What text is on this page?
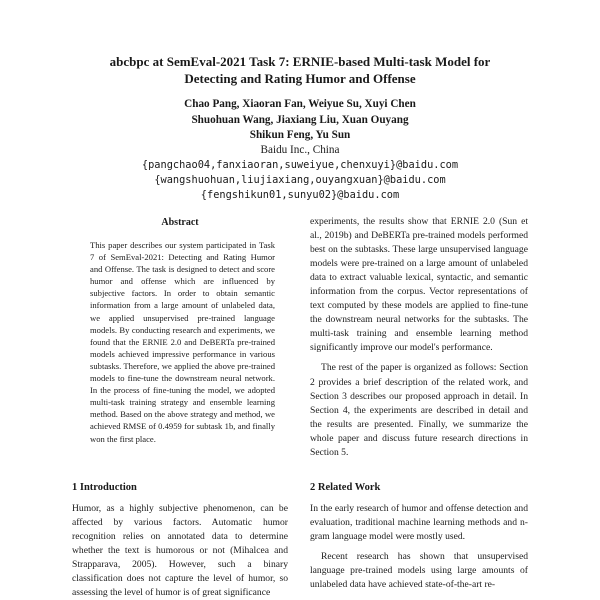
abcbpc at SemEval-2021 Task 7: ERNIE-based Multi-task Model for
Detecting and Rating Humor and Offense
Chao Pang, Xiaoran Fan, Weiyue Su, Xuyi Chen
Shuohuan Wang, Jiaxiang Liu, Xuan Ouyang
Shikun Feng, Yu Sun
Baidu Inc., China
{pangchao04,fanxiaoran,suweiyue,chenxuyi}@baidu.com
{wangshuohuan,liujiaxiang,ouyangxuan}@baidu.com
{fengshikun01,sunyu02}@baidu.com
Abstract
This paper describes our system participated in Task 7 of SemEval-2021: Detecting and Rating Humor and Offense. The task is designed to detect and score humor and offense which are influenced by subjective factors. In order to obtain semantic information from a large amount of unlabeled data, we applied unsupervised pre-trained language models. By conducting research and experiments, we found that the ERNIE 2.0 and DeBERTa pre-trained models achieved impressive performance in various subtasks. Therefore, we applied the above pre-trained models to fine-tune the downstream neural network. In the process of fine-tuning the model, we adopted multi-task training strategy and ensemble learning method. Based on the above strategy and method, we achieved RMSE of 0.4959 for subtask 1b, and finally won the first place.
1 Introduction

Humor, as a highly subjective phenomenon, can be affected by various factors. Automatic humor recognition relies on annotated data to determine whether the text is humorous or not (Mihalcea and Strapparava, 2005). However, such a binary classification does not capture the level of humor, so assessing the level of humor is of great significance

experiments, the results show that ERNIE 2.0 (Sun et al., 2019b) and DeBERTa pre-trained models performed best on the subtasks. These large unsupervised language models were pre-trained on a large amount of unlabeled data to extract valuable lexical, syntactic, and semantic information from the corpus. Vector representations of text computed by these models are applied to fine-tune the downstream neural networks for the subtasks. The multi-task training and ensemble learning method significantly improve our model's performance.

The rest of the paper is organized as follows: Section 2 provides a brief description of the related work, and Section 3 describes our proposed approach in detail. In Section 4, the experiments are described in detail and the results are presented. Finally, we summarize the whole paper and discuss future research directions in Section 5.

2 Related Work

In the early research of humor and offense detection and evaluation, traditional machine learning methods and n-gram language model were mostly used.

Recent research has shown that unsupervised language pre-trained models using large amounts of unlabeled data have achieved state-of-the-art re-
